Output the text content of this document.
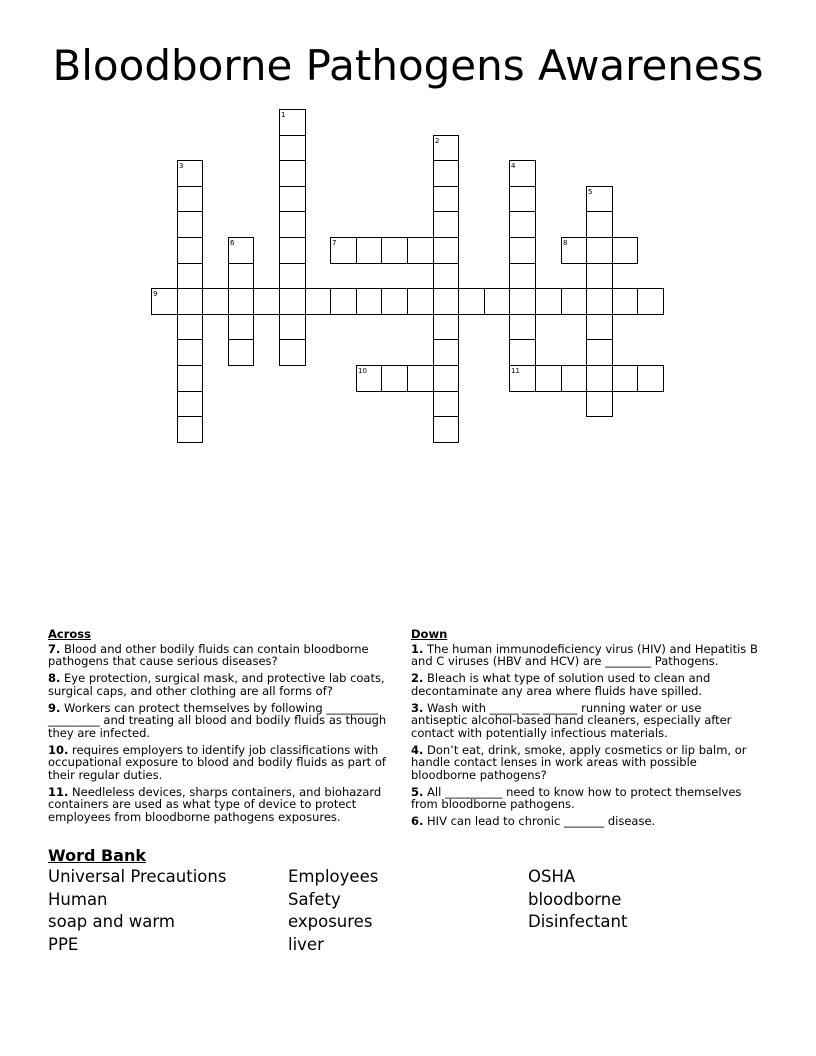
Bloodborne Pathogens Awareness
1
2
3	4
5
6	7	8
9
10	11
Across
7. Blood and other bodily fluids can contain bloodborne pathogens that cause serious diseases?
8. Eye protection, surgical mask, and protective lab coats, surgical caps, and other clothing are all forms of?
9. Workers can protect themselves by following _________ _________ and treating all blood and bodily fluids as though they are infected.
10. requires employers to identify job classifications with occupational exposure to blood and bodily fluids as part of their regular duties.
11. Needleless devices, sharps containers, and biohazard containers are used as what type of device to protect employees from bloodborne pathogens exposures.
Down
1. The human immunodeficiency virus (HIV) and Hepatitis B and C viruses (HBV and HCV) are ________ Pathogens.
2. Bleach is what type of solution used to clean and decontaminate any area where fluids have spilled.
3. Wash with _____ ___ ______ running water or use antiseptic alcohol-based hand cleaners, especially after contact with potentially infectious materials.
4. Don’t eat, drink, smoke, apply cosmetics or lip balm, or handle contact lenses in work areas with possible bloodborne pathogens?
5. All __________ need to know how to protect themselves from bloodborne pathogens.
6. HIV can lead to chronic _______ disease.
Word Bank
Universal Precautions	Employees	OSHA
Human	Safety	bloodborne
soap and warm	exposures	Disinfectant
PPE	liver
